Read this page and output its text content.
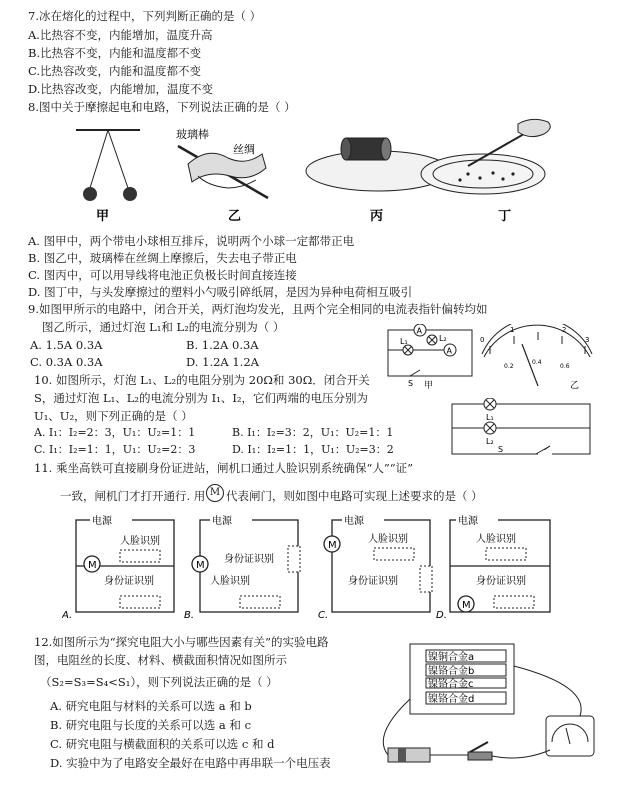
7.冰在熔化的过程中，下列判断正确的是（ ）
A.比热容不变，内能增加，温度升高
B.比热容不变，内能和温度都不变
C.比热容改变，内能和温度都不变
D.比热容改变，内能增加，温度不变
8.图中关于摩擦起电和电路，下列说法正确的是（ ）
甲
玻璃棒
丝绸
乙	丙	丁
A. 图甲中，两个带电小球相互排斥，说明两个小球一定都带正电
B. 图乙中，玻璃棒在丝绸上摩擦后，失去电子带正电
C. 图丙中，可以用导线将电池正负极长时间直接连接
D. 图丁中，与头发摩擦过的塑料小勺吸引碎纸屑，是因为异种电荷相互吸引
9.如图甲所示的电路中，闭合开关，两灯泡均发光，且两个完全相同的电流表指针偏转均如
图乙所示，通过灯泡 L₁和 L₂的电流分别为（ ）
A. 1.5A 0.3A	B. 1.2A 0.3A
C. 0.3A 0.3A	D. 1.2A 1.2A
A
A
L₁	L₂
S 甲
0
1	2
3
0.2
0.4
0.6
乙
10. 如图所示，灯泡 L₁、L₂的电阻分别为 20Ω和 30Ω．闭合开关
S，通过灯泡 L₁、L₂的电流分别为 I₁、I₂，它们两端的电压分别为
U₁、U₂，则下列正确的是（ ）
A. I₁：I₂=2：3，U₁：U₂=1：1	B. I₁：I₂=3：2，U₁：U₂=1：1
C. I₁：I₂=1：1，U₁：U₂=2：3	D. I₁：I₂=1：1，U₁：U₂=3：2
L₁
L₂
S
11. 乘坐高铁可直接刷身份证进站，闸机口通过人脸识别系统确保“人”“证”
一致，闸机门才打开通行. 用 M 代表闸门，则如图中电路可实现上述要求的是（ ）
电源
M
人脸识别
身份证识别
A.
电源
M
身份证识别
人脸识别
B.
电源
M
人脸识别
身份证识别
C.
电源
人脸识别
身份证识别
M
D.
12.如图所示为“探究电阻大小与哪些因素有关”的实验电路
图，电阻丝的长度、材料、横截面积情况如图所示
（S₂=S₃=S₄<S₁），则下列说法正确的是（ ）
A. 研究电阻与材料的关系可以选 a 和 b
B. 研究电阻与长度的关系可以选 a 和 c
C. 研究电阻与横截面积的关系可以选 c 和 d
D. 实验中为了电路安全最好在电路中再串联一个电压表
镍铜合金a
镍铬合金b
镍铬合金c
镍铬合金d
